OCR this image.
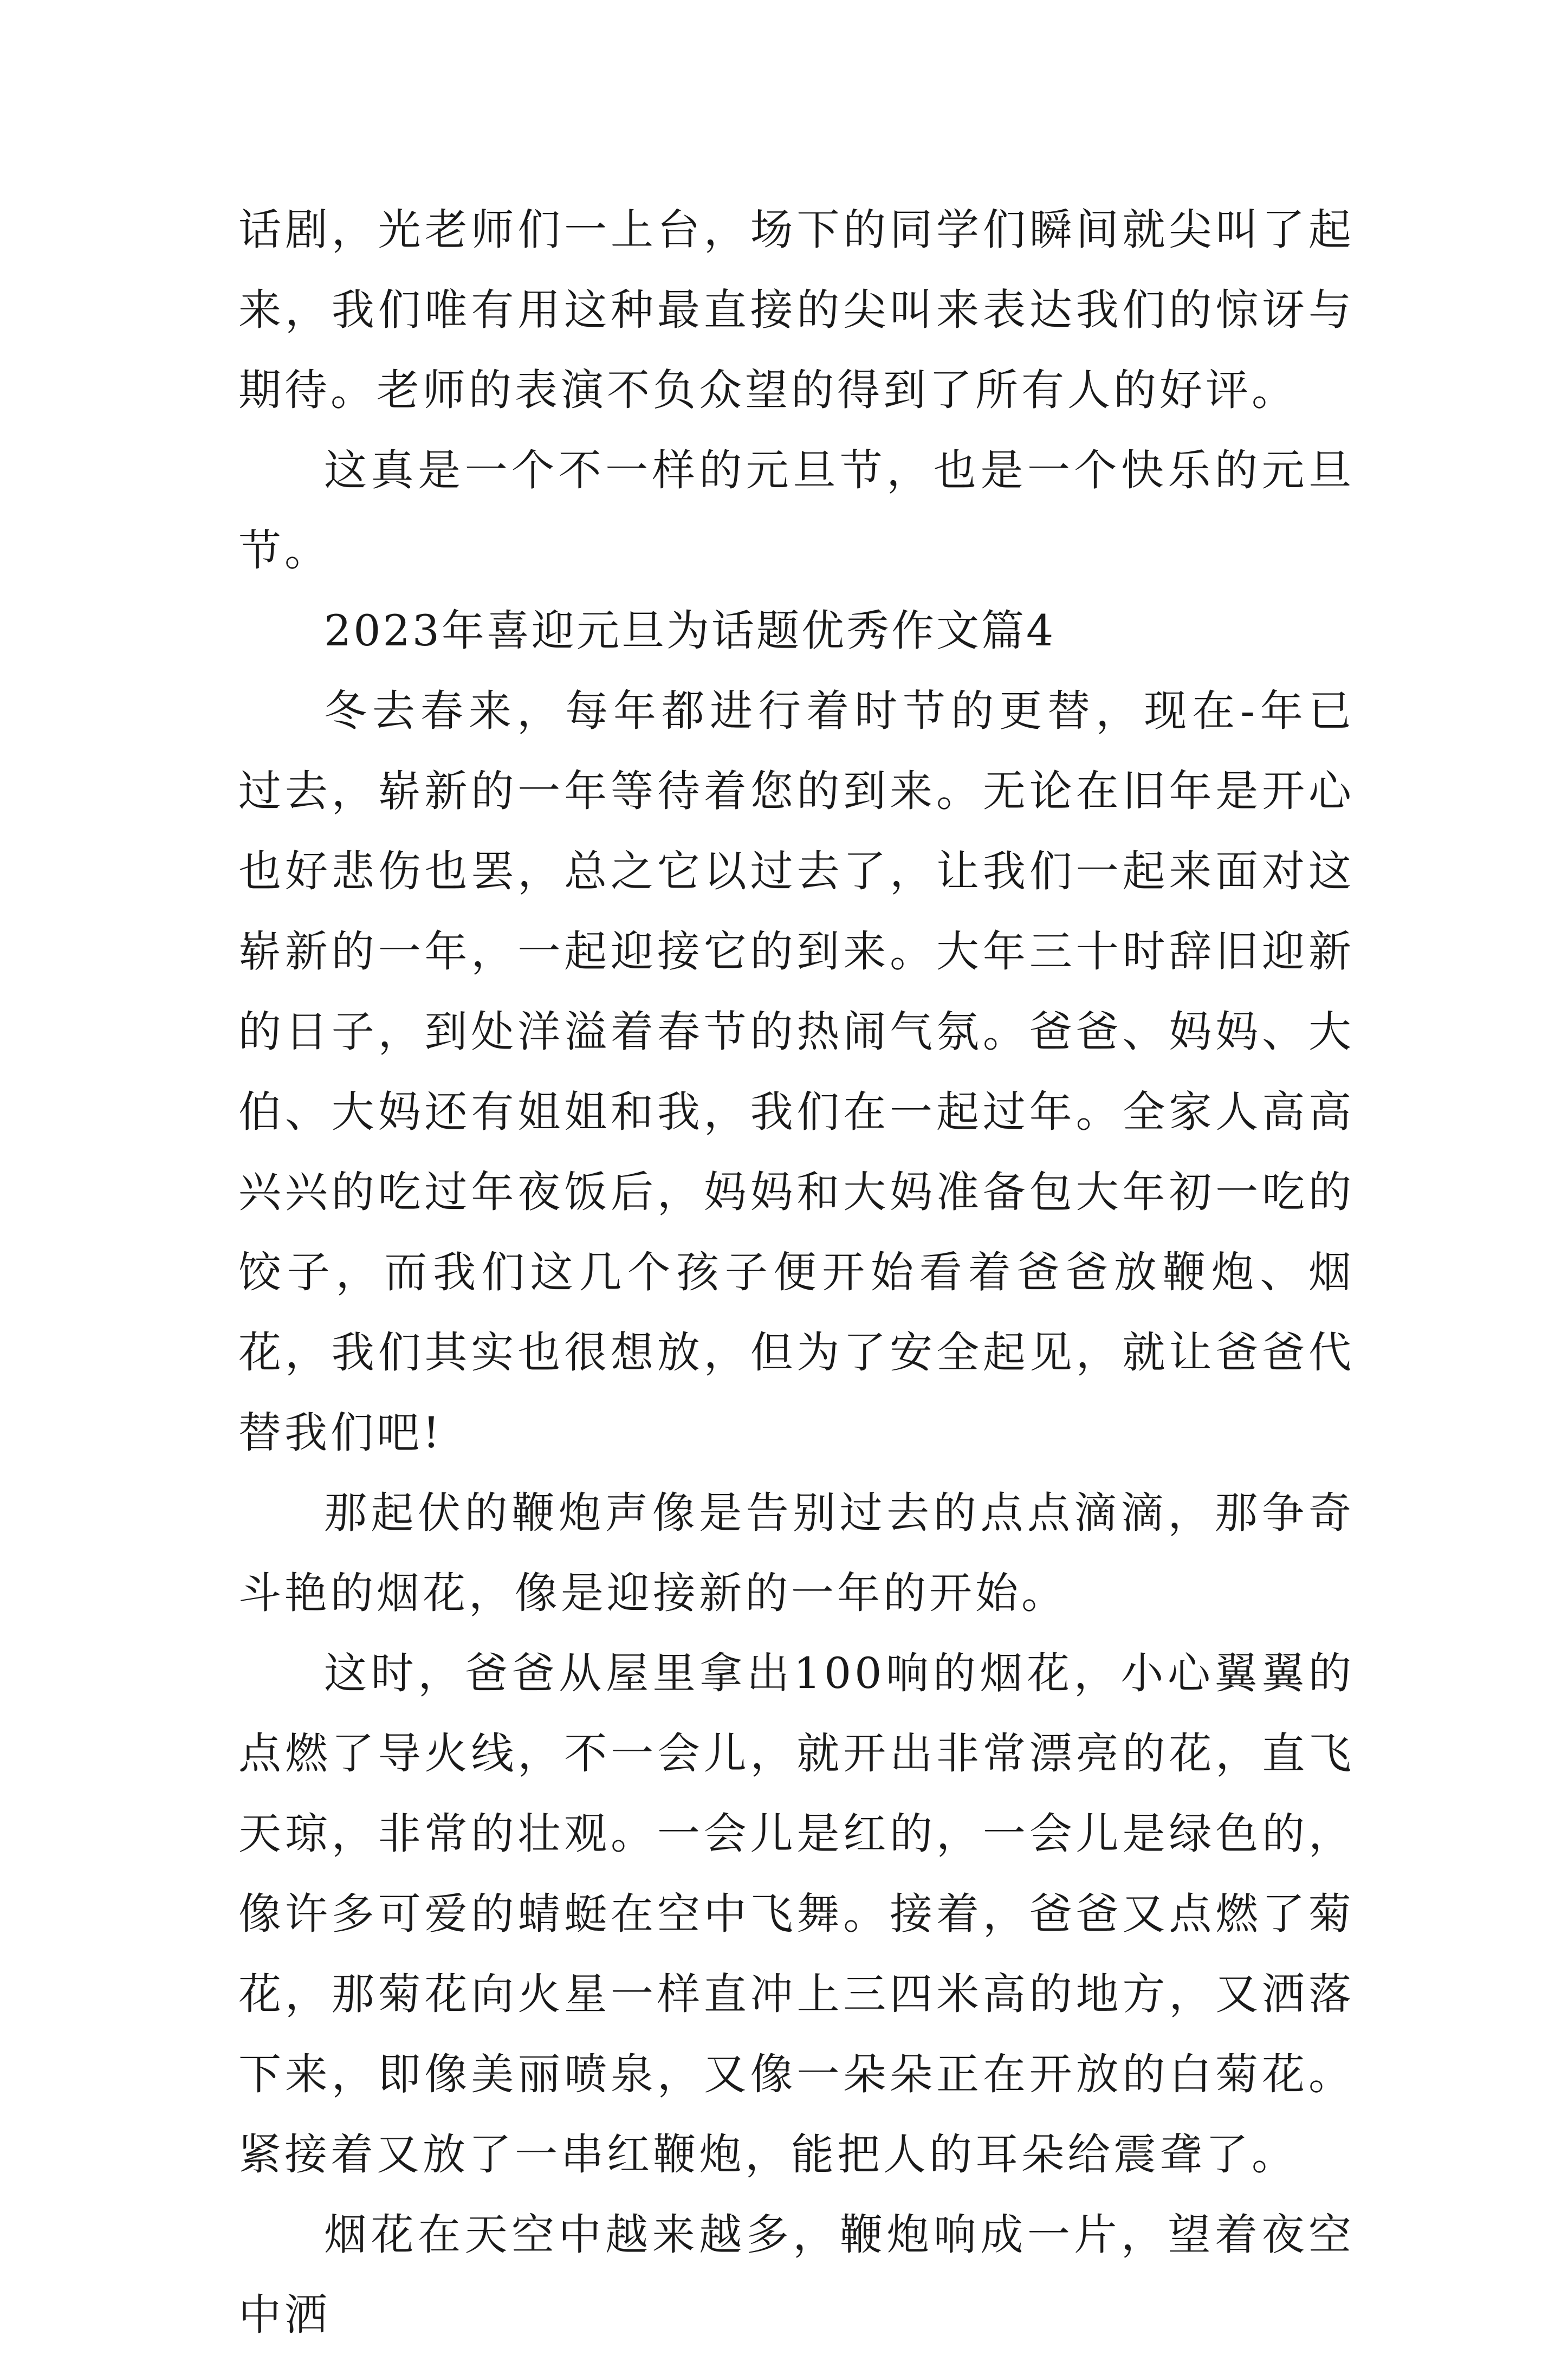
话剧，光老师们一上台，场下的同学们瞬间就尖叫了起来，我们唯有用这种最直接的尖叫来表达我们的惊讶与期待。老师的表演不负众望的得到了所有人的好评。

这真是一个不一样的元旦节，也是一个快乐的元旦节。

2023年喜迎元旦为话题优秀作文篇4

冬去春来，每年都进行着时节的更替，现在-年已过去，崭新的一年等待着您的到来。无论在旧年是开心也好悲伤也罢，总之它以过去了，让我们一起来面对这崭新的一年，一起迎接它的到来。大年三十时辞旧迎新的日子，到处洋溢着春节的热闹气氛。爸爸、妈妈、大伯、大妈还有姐姐和我，我们在一起过年。全家人高高兴兴的吃过年夜饭后，妈妈和大妈准备包大年初一吃的饺子，而我们这几个孩子便开始看着爸爸放鞭炮、烟花，我们其实也很想放，但为了安全起见，就让爸爸代替我们吧!

那起伏的鞭炮声像是告别过去的点点滴滴，那争奇斗艳的烟花，像是迎接新的一年的开始。

这时，爸爸从屋里拿出100响的烟花，小心翼翼的点燃了导火线，不一会儿，就开出非常漂亮的花，直飞天琼，非常的壮观。一会儿是红的，一会儿是绿色的，像许多可爱的蜻蜓在空中飞舞。接着，爸爸又点燃了菊花，那菊花向火星一样直冲上三四米高的地方，又洒落下来，即像美丽喷泉，又像一朵朵正在开放的白菊花。紧接着又放了一串红鞭炮，能把人的耳朵给震聋了。

烟花在天空中越来越多，鞭炮响成一片，望着夜空中洒
